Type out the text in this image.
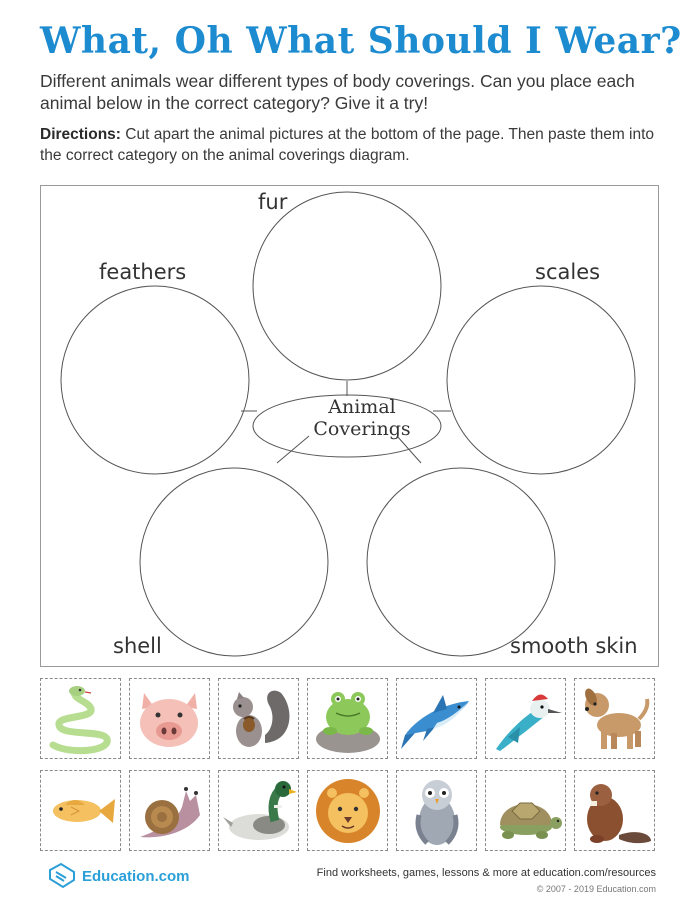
What, Oh What Should I Wear?
Different animals wear different types of body coverings. Can you place each animal below in the correct category? Give it a try!
Directions: Cut apart the animal pictures at the bottom of the page. Then paste them into the correct category on the animal coverings diagram.
fur
feathers	scales
shell	smooth skin
Animal Coverings
Education.com	Find worksheets, games, lessons & more at education.com/resources
© 2007 - 2019 Education.com
